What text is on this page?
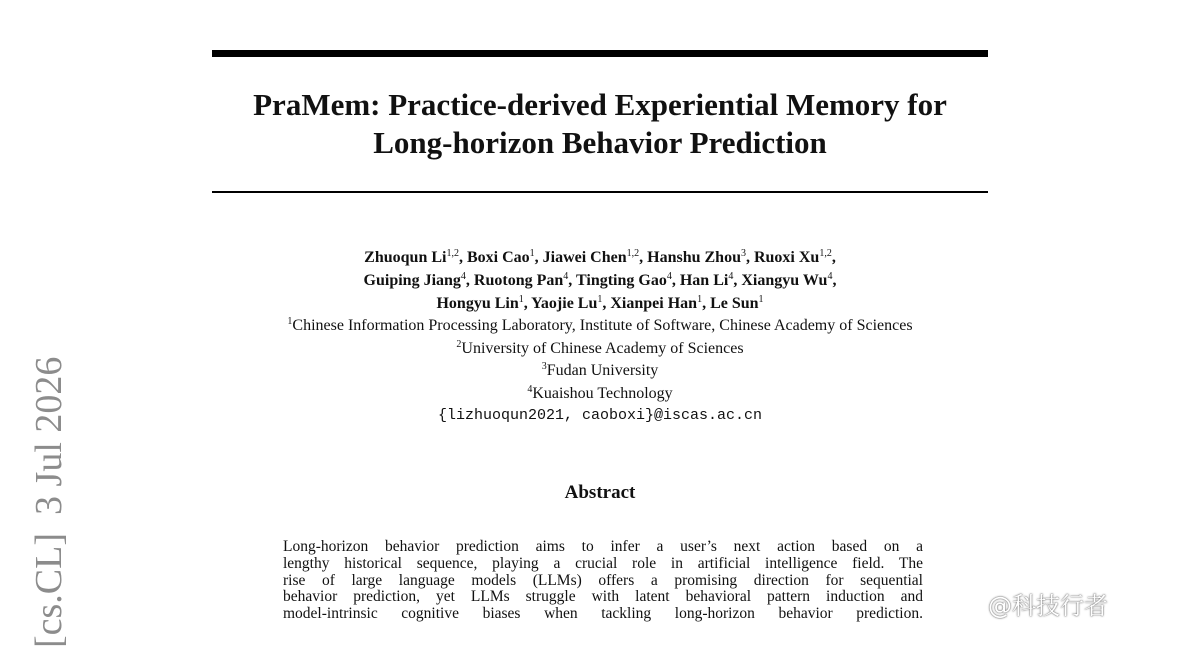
PraMem: Practice-derived Experiential Memory for
Long-horizon Behavior Prediction
Zhuoqun Li$^{1,2}$, Boxi Cao$^1$, Jiawei Chen$^{1,2}$, Hanshu Zhou$^3$, Ruoxi Xu$^{1,2}$,
Guiping Jiang$^4$, Ruotong Pan$^4$, Tingting Gao$^4$, Han Li$^4$, Xiangyu Wu$^4$,
Hongyu Lin$^1$, Yaojie Lu$^1$, Xianpei Han$^1$, Le Sun$^1$
$^1$Chinese Information Processing Laboratory, Institute of Software, Chinese Academy of Sciences
$^2$University of Chinese Academy of Sciences
$^3$Fudan University
$^4$Kuaishou Technology
{lizhuoqun2021, caoboxi}@iscas.ac.cn
Abstract
Long-horizon behavior prediction aims to infer a user’s next action based on a
lengthy historical sequence, playing a crucial role in artificial intelligence field. The
rise of large language models (LLMs) offers a promising direction for sequential
behavior prediction, yet LLMs struggle with latent behavioral pattern induction and
model-intrinsic cognitive biases when tackling long-horizon behavior prediction.
[cs.CL]3 Jul 2026
@科技行者
